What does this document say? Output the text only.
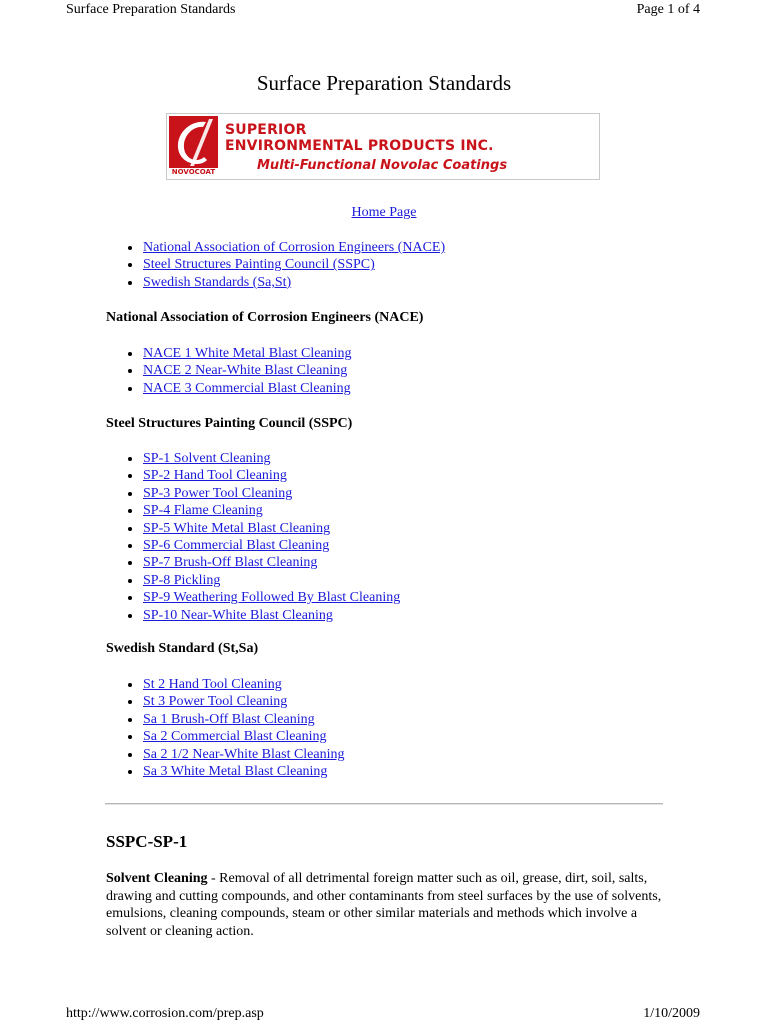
Surface Preparation Standards	Page 1 of 4
Surface Preparation Standards
NOVOCOAT
SUPERIOR
ENVIRONMENTAL PRODUCTS INC.
Multi-Functional Novolac Coatings
Home Page
National Association of Corrosion Engineers (NACE)
Steel Structures Painting Council (SSPC)
Swedish Standards (Sa,St)
National Association of Corrosion Engineers (NACE)
NACE 1 White Metal Blast Cleaning
NACE 2 Near-White Blast Cleaning
NACE 3 Commercial Blast Cleaning
Steel Structures Painting Council (SSPC)
SP-1 Solvent Cleaning
SP-2 Hand Tool Cleaning
SP-3 Power Tool Cleaning
SP-4 Flame Cleaning
SP-5 White Metal Blast Cleaning
SP-6 Commercial Blast Cleaning
SP-7 Brush-Off Blast Cleaning
SP-8 Pickling
SP-9 Weathering Followed By Blast Cleaning
SP-10 Near-White Blast Cleaning
Swedish Standard (St,Sa)
St 2 Hand Tool Cleaning
St 3 Power Tool Cleaning
Sa 1 Brush-Off Blast Cleaning
Sa 2 Commercial Blast Cleaning
Sa 2 1/2 Near-White Blast Cleaning
Sa 3 White Metal Blast Cleaning
SSPC-SP-1

Solvent Cleaning - Removal of all detrimental foreign matter such as oil, grease, dirt, soil, salts, drawing and cutting compounds, and other contaminants from steel surfaces by the use of solvents, emulsions, cleaning compounds, steam or other similar materials and methods which involve a solvent or cleaning action.

http://www.corrosion.com/prep.asp	1/10/2009
